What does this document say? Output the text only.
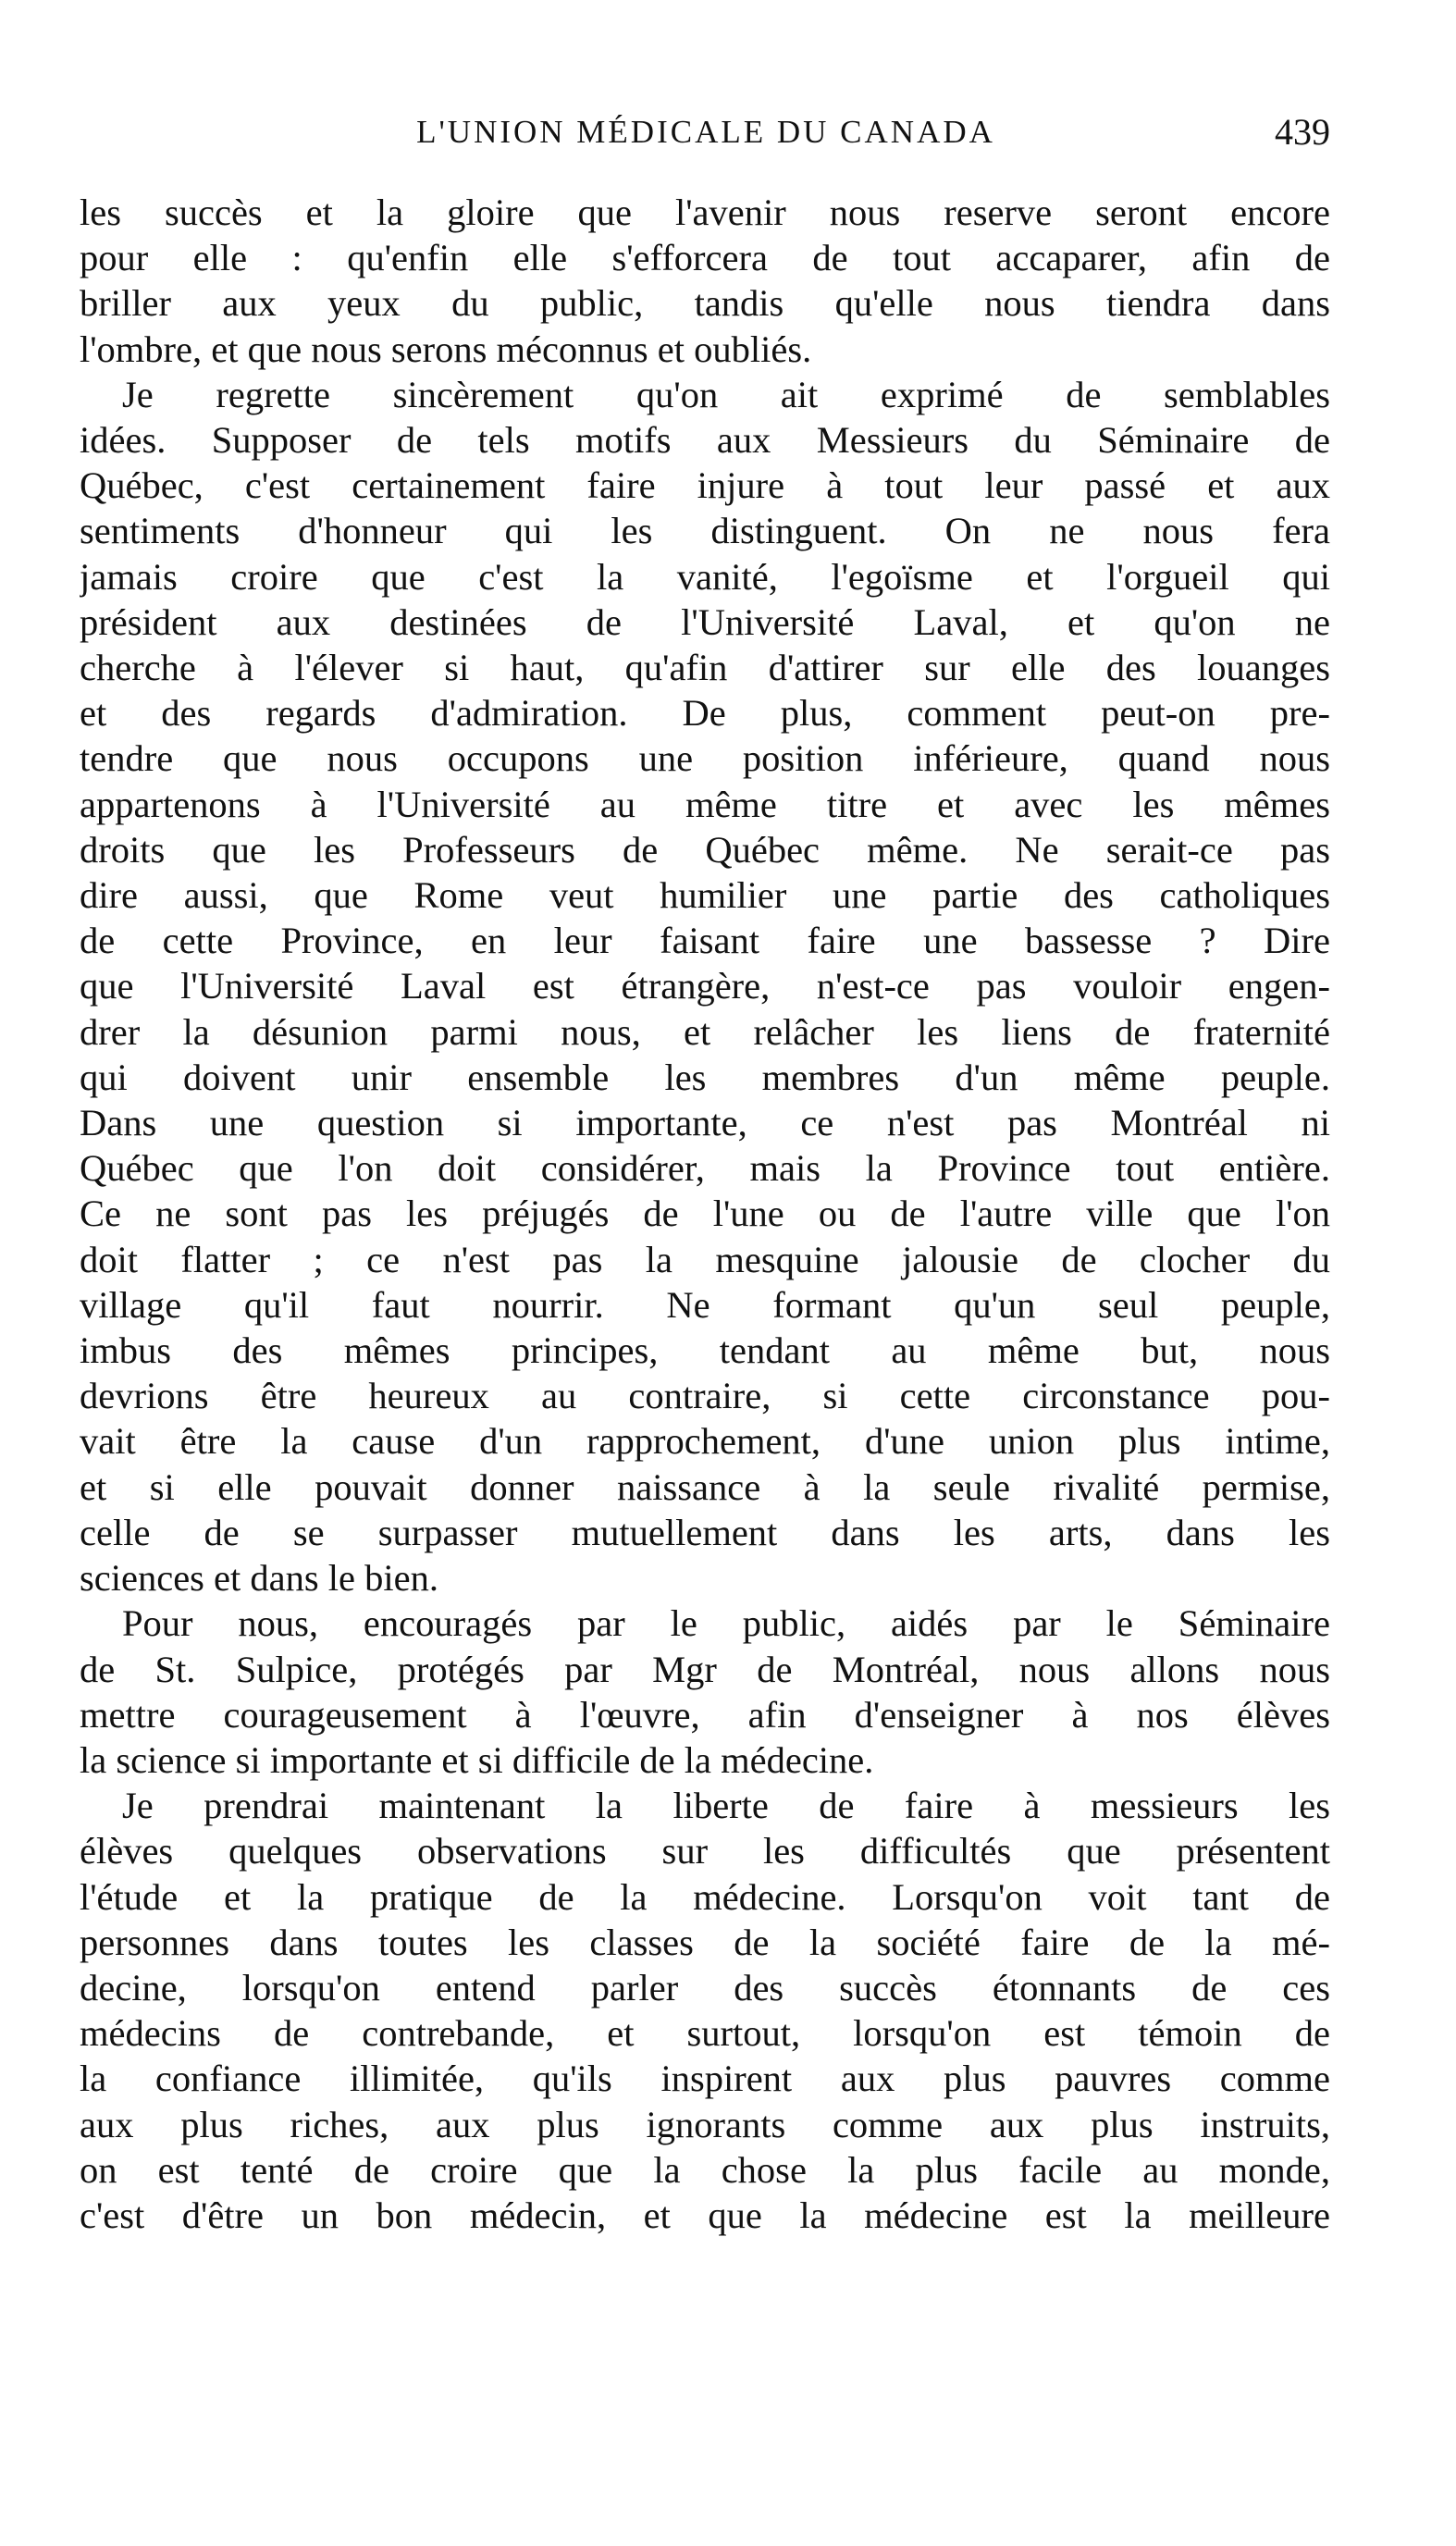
L'UNION MÉDICALE DU CANADA	439
les succès et la gloire que l'avenir nous reserve seront encore
pour elle : qu'enfin elle s'efforcera de tout accaparer, afin de
briller aux yeux du public, tandis qu'elle nous tiendra dans
l'ombre, et que nous serons méconnus et oubliés.
Je regrette sincèrement qu'on ait exprimé de semblables
idées. Supposer de tels motifs aux Messieurs du Séminaire de
Québec, c'est certainement faire injure à tout leur passé et aux
sentiments d'honneur qui les distinguent. On ne nous fera
jamais croire que c'est la vanité, l'egoïsme et l'orgueil qui
président aux destinées de l'Université Laval, et qu'on ne
cherche à l'élever si haut, qu'afin d'attirer sur elle des louanges
et des regards d'admiration. De plus, comment peut-on pre-
tendre que nous occupons une position inférieure, quand nous
appartenons à l'Université au même titre et avec les mêmes
droits que les Professeurs de Québec même. Ne serait-ce pas
dire aussi, que Rome veut humilier une partie des catholiques
de cette Province, en leur faisant faire une bassesse ? Dire
que l'Université Laval est étrangère, n'est-ce pas vouloir engen-
drer la désunion parmi nous, et relâcher les liens de fraternité
qui doivent unir ensemble les membres d'un même peuple.
Dans une question si importante, ce n'est pas Montréal ni
Québec que l'on doit considérer, mais la Province tout entière.
Ce ne sont pas les préjugés de l'une ou de l'autre ville que l'on
doit flatter ; ce n'est pas la mesquine jalousie de clocher du
village qu'il faut nourrir. Ne formant qu'un seul peuple,
imbus des mêmes principes, tendant au même but, nous
devrions être heureux au contraire, si cette circonstance pou-
vait être la cause d'un rapprochement, d'une union plus intime,
et si elle pouvait donner naissance à la seule rivalité permise,
celle de se surpasser mutuellement dans les arts, dans les
sciences et dans le bien.
Pour nous, encouragés par le public, aidés par le Séminaire
de St. Sulpice, protégés par Mgr de Montréal, nous allons nous
mettre courageusement à l'œuvre, afin d'enseigner à nos élèves
la science si importante et si difficile de la médecine.
Je prendrai maintenant la liberte de faire à messieurs les
élèves quelques observations sur les difficultés que présentent
l'étude et la pratique de la médecine. Lorsqu'on voit tant de
personnes dans toutes les classes de la société faire de la mé-
decine, lorsqu'on entend parler des succès étonnants de ces
médecins de contrebande, et surtout, lorsqu'on est témoin de
la confiance illimitée, qu'ils inspirent aux plus pauvres comme
aux plus riches, aux plus ignorants comme aux plus instruits,
on est tenté de croire que la chose la plus facile au monde,
c'est d'être un bon médecin, et que la médecine est la meilleure
